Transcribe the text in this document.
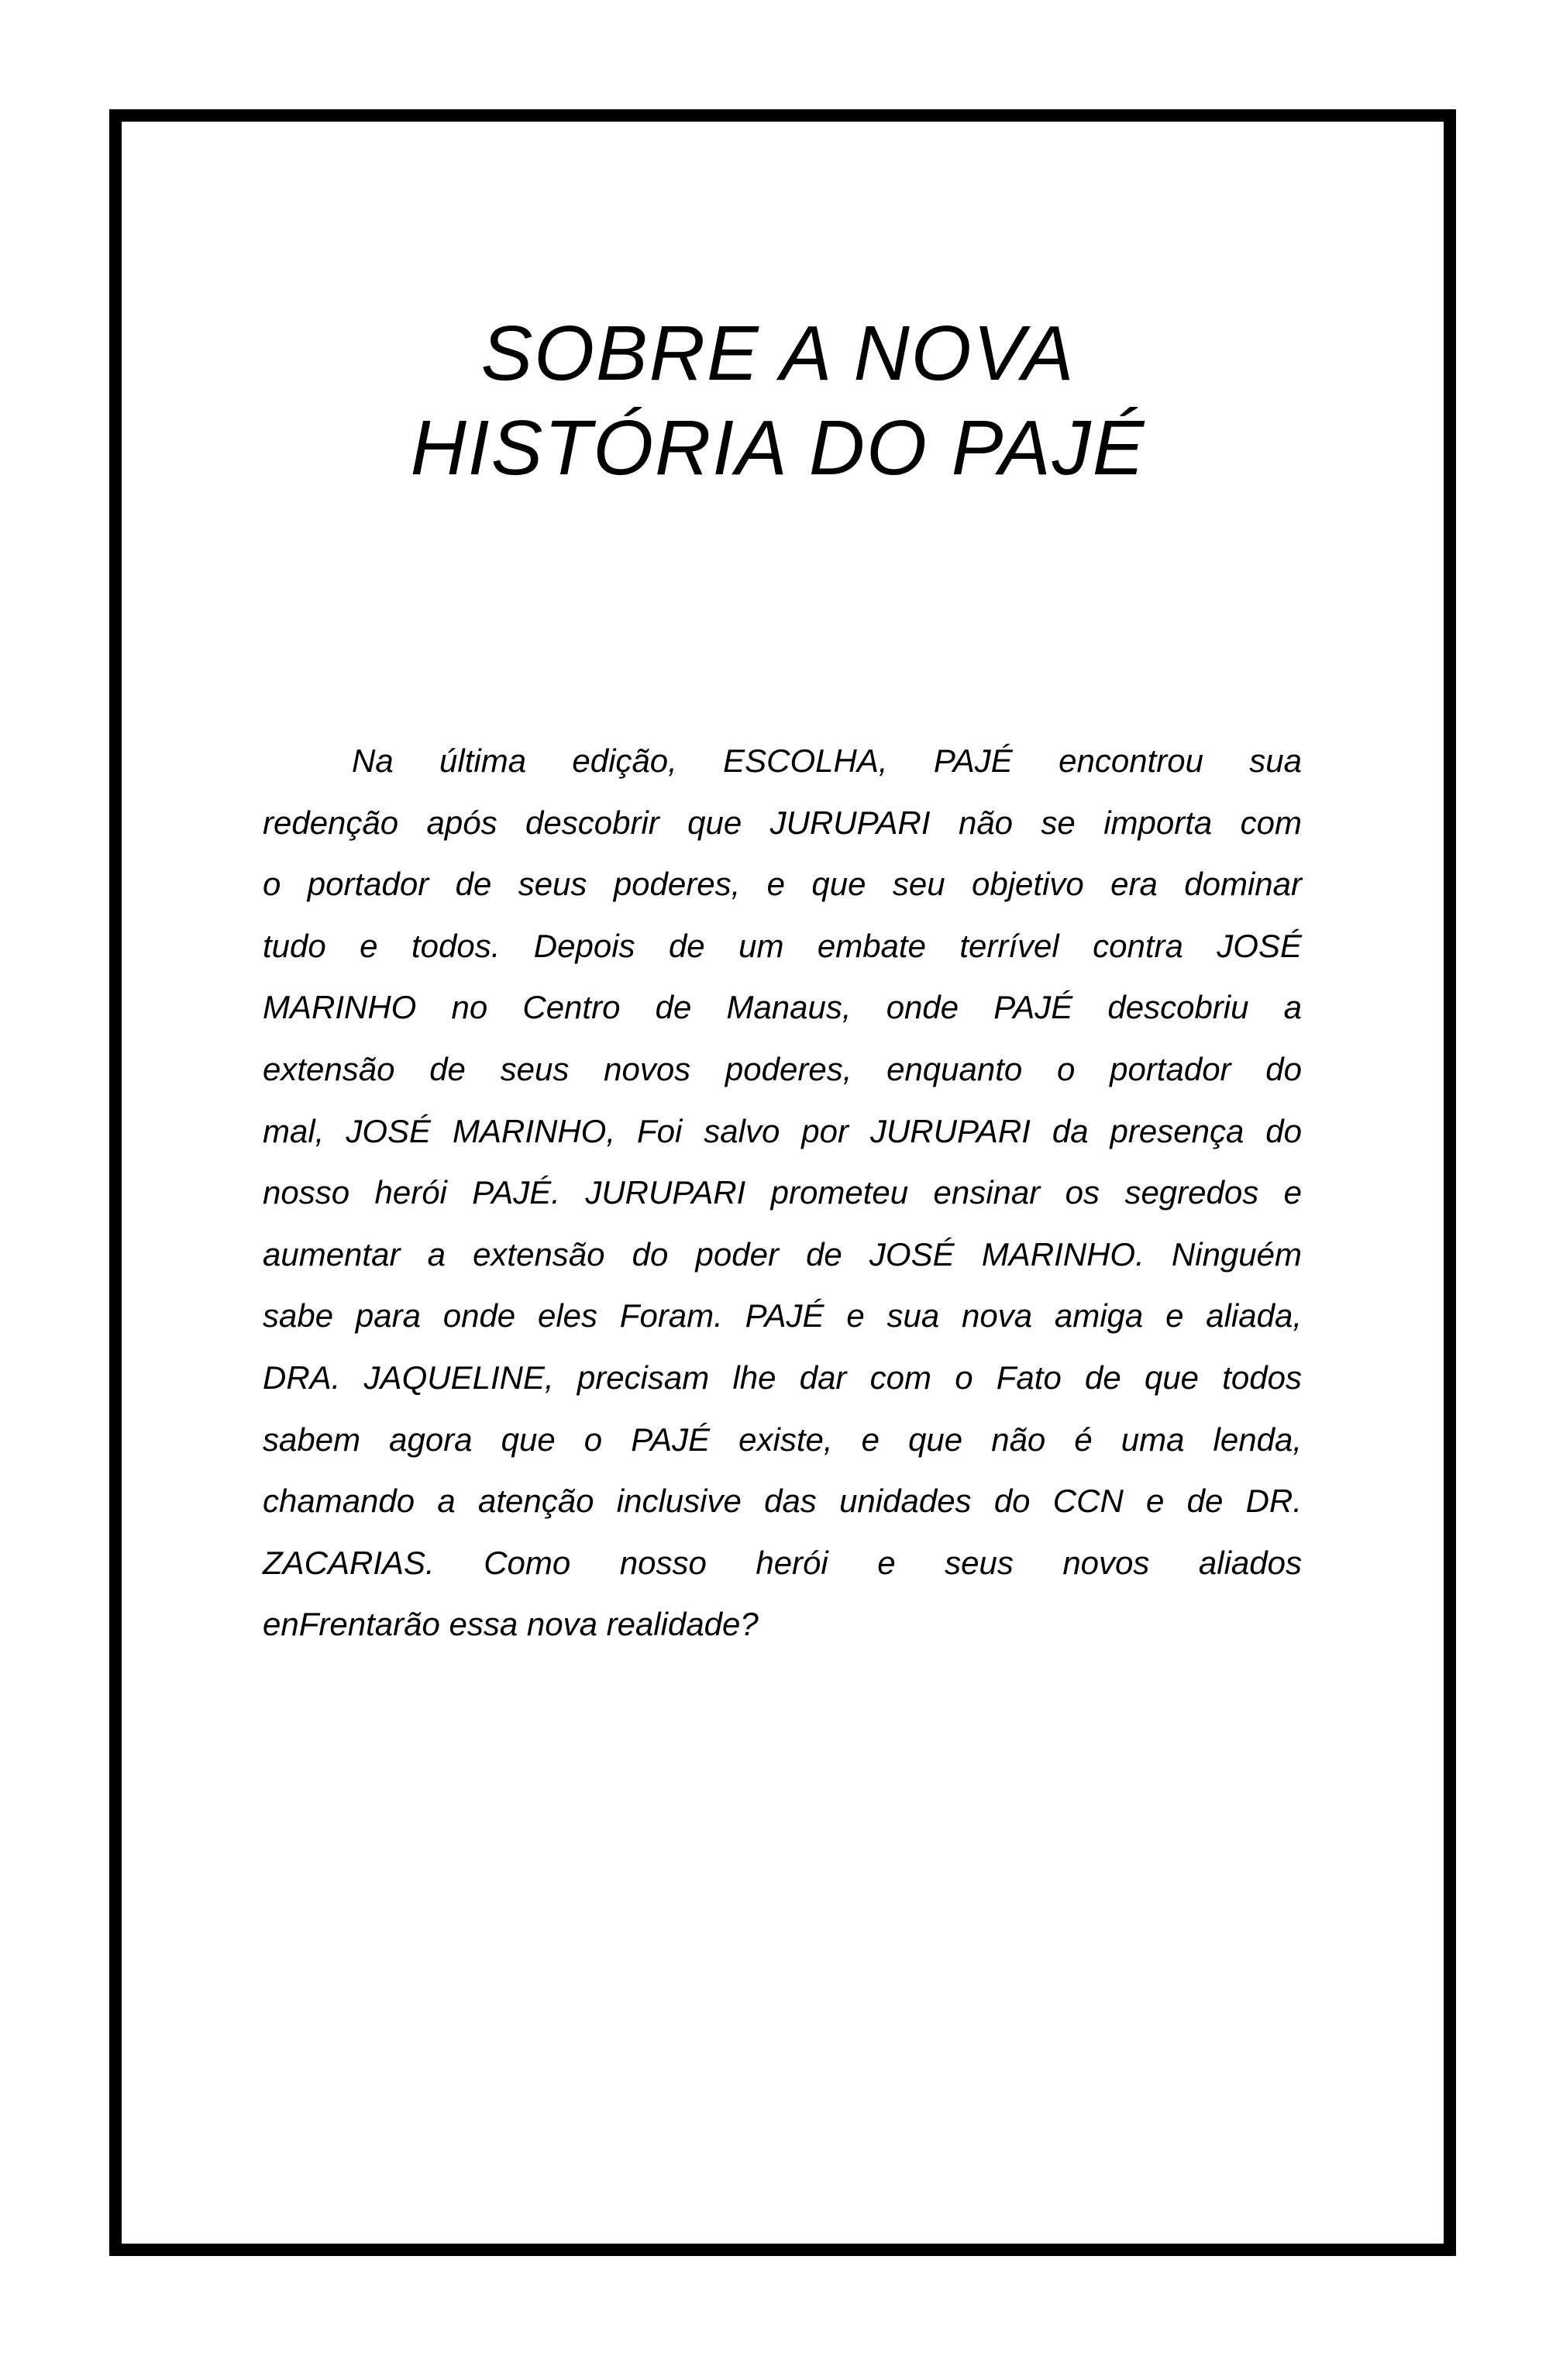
SOBRE A NOVA
HISTÓRIA DO PAJÉ
Na última edição, ESCOLHA, PAJÉ encontrou sua
redenção após descobrir que JURUPARI não se importa com
o portador de seus poderes, e que seu objetivo era dominar
tudo e todos. Depois de um embate terrível contra JOSÉ
MARINHO no Centro de Manaus, onde PAJÉ descobriu a
extensão de seus novos poderes, enquanto o portador do
mal, JOSÉ MARINHO, Foi salvo por JURUPARI da presença do
nosso herói PAJÉ. JURUPARI prometeu ensinar os segredos e
aumentar a extensão do poder de JOSÉ MARINHO. Ninguém
sabe para onde eles Foram. PAJÉ e sua nova amiga e aliada,
DRA. JAQUELINE, precisam lhe dar com o Fato de que todos
sabem agora que o PAJÉ existe, e que não é uma lenda,
chamando a atenção inclusive das unidades do CCN e de DR.
ZACARIAS. Como nosso herói e seus novos aliados
enFrentarão essa nova realidade?
